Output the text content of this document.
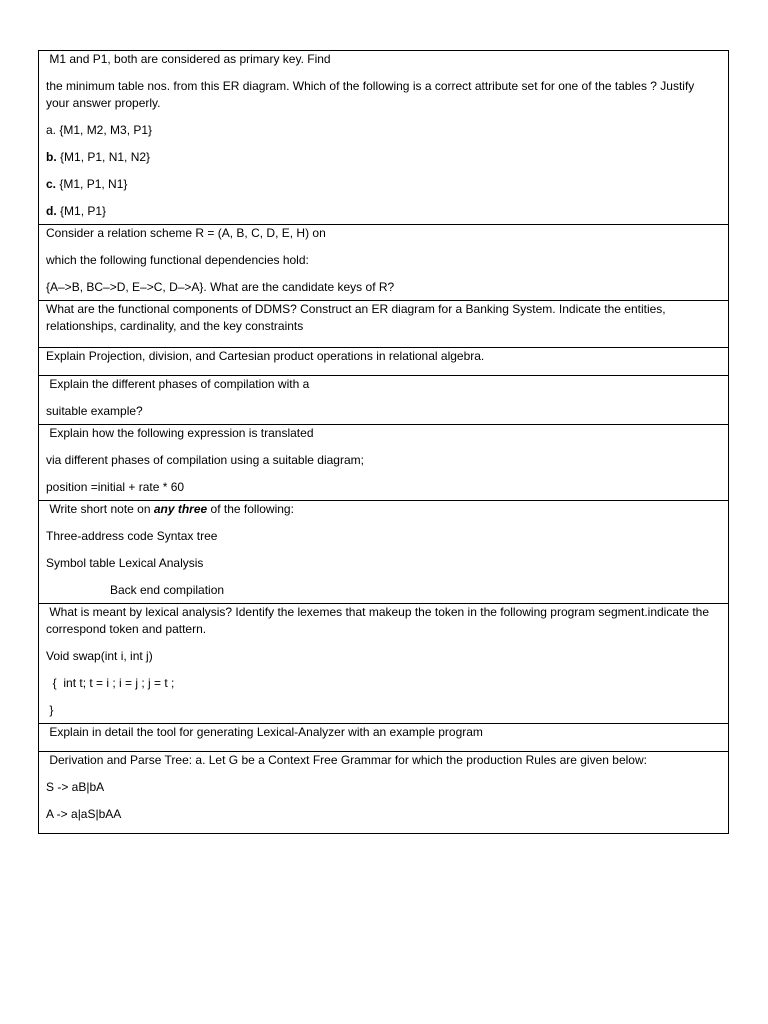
M1 and P1, both are considered as primary key. Find
the minimum table nos. from this ER diagram. Which of the following is a correct attribute set for one of the tables ? Justify your answer properly.
a. {M1, M2, M3, P1}
b. {M1, P1, N1, N2}
c. {M1, P1, N1}
d. {M1, P1}

Consider a relation scheme R = (A, B, C, D, E, H) on
which the following functional dependencies hold:
{A–>B, BC–>D, E–>C, D–>A}. What are the candidate keys of R?

What are the functional components of DDMS? Construct an ER diagram for a Banking System. Indicate the entities, relationships, cardinality, and the key constraints

Explain Projection, division, and Cartesian product operations in relational algebra.

Explain the different phases of compilation with a
suitable example?

Explain how the following expression is translated
via different phases of compilation using a suitable diagram;
position =initial + rate * 60

Write short note on any three of the following:
Three-address code Syntax tree
Symbol table Lexical Analysis
Back end compilation

What is meant by lexical analysis? Identify the lexemes that makeup the token in the following program segment.indicate the correspond token and pattern.
Void swap(int i, int j)
{  int t; t = i ; i = j ; j = t ;
}

Explain in detail the tool for generating Lexical-Analyzer with an example program

Derivation and Parse Tree: a. Let G be a Context Free Grammar for which the production Rules are given below:
S -> aB|bA
A -> a|aS|bAA
